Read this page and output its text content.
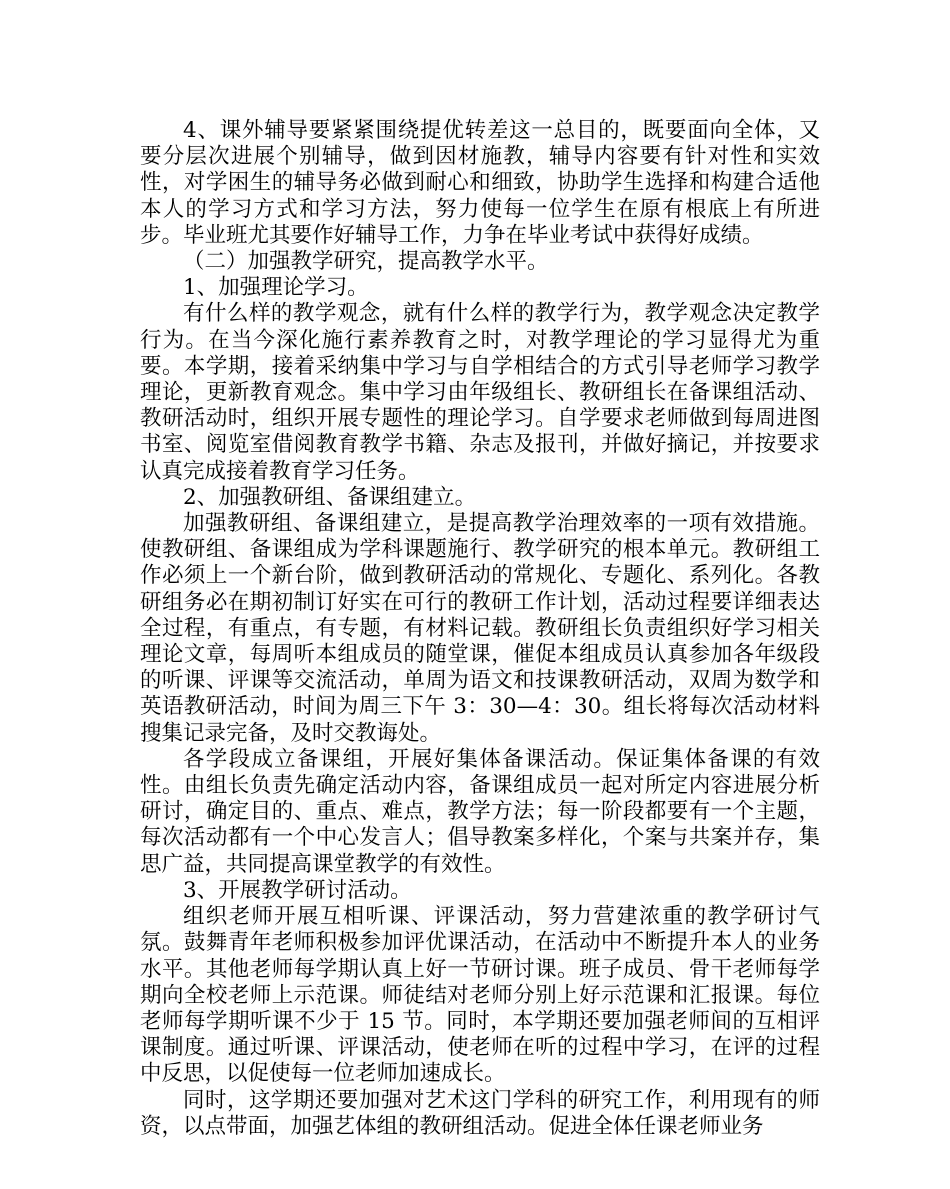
4、课外辅导要紧紧围绕提优转差这一总目的，既要面向全体，又要分层次进展个别辅导，做到因材施教，辅导内容要有针对性和实效性，对学困生的辅导务必做到耐心和细致，协助学生选择和构建合适他本人的学习方式和学习方法，努力使每一位学生在原有根底上有所进步。毕业班尤其要作好辅导工作，力争在毕业考试中获得好成绩。

（二）加强教学研究，提高教学水平。

1、加强理论学习。

有什么样的教学观念，就有什么样的教学行为，教学观念决定教学行为。在当今深化施行素养教育之时，对教学理论的学习显得尤为重要。本学期，接着采纳集中学习与自学相结合的方式引导老师学习教学理论，更新教育观念。集中学习由年级组长、教研组长在备课组活动、教研活动时，组织开展专题性的理论学习。自学要求老师做到每周进图书室、阅览室借阅教育教学书籍、杂志及报刊，并做好摘记，并按要求认真完成接着教育学习任务。

2、加强教研组、备课组建立。

加强教研组、备课组建立，是提高教学治理效率的一项有效措施。使教研组、备课组成为学科课题施行、教学研究的根本单元。教研组工作必须上一个新台阶，做到教研活动的常规化、专题化、系列化。各教研组务必在期初制订好实在可行的教研工作计划，活动过程要详细表达全过程，有重点，有专题，有材料记载。教研组长负责组织好学习相关理论文章，每周听本组成员的随堂课，催促本组成员认真参加各年级段的听课、评课等交流活动，单周为语文和技课教研活动，双周为数学和英语教研活动，时间为周三下午 3：30—4：30。组长将每次活动材料搜集记录完备，及时交教诲处。

各学段成立备课组，开展好集体备课活动。保证集体备课的有效性。由组长负责先确定活动内容，备课组成员一起对所定内容进展分析研讨，确定目的、重点、难点，教学方法；每一阶段都要有一个主题，每次活动都有一个中心发言人；倡导教案多样化，个案与共案并存，集思广益，共同提高课堂教学的有效性。

3、开展教学研讨活动。

组织老师开展互相听课、评课活动，努力营建浓重的教学研讨气氛。鼓舞青年老师积极参加评优课活动，在活动中不断提升本人的业务水平。其他老师每学期认真上好一节研讨课。班子成员、骨干老师每学期向全校老师上示范课。师徒结对老师分别上好示范课和汇报课。每位老师每学期听课不少于 15 节。同时，本学期还要加强老师间的互相评课制度。通过听课、评课活动，使老师在听的过程中学习，在评的过程中反思，以促使每一位老师加速成长。

同时，这学期还要加强对艺术这门学科的研究工作，利用现有的师资，以点带面，加强艺体组的教研组活动。促进全体任课老师业务
